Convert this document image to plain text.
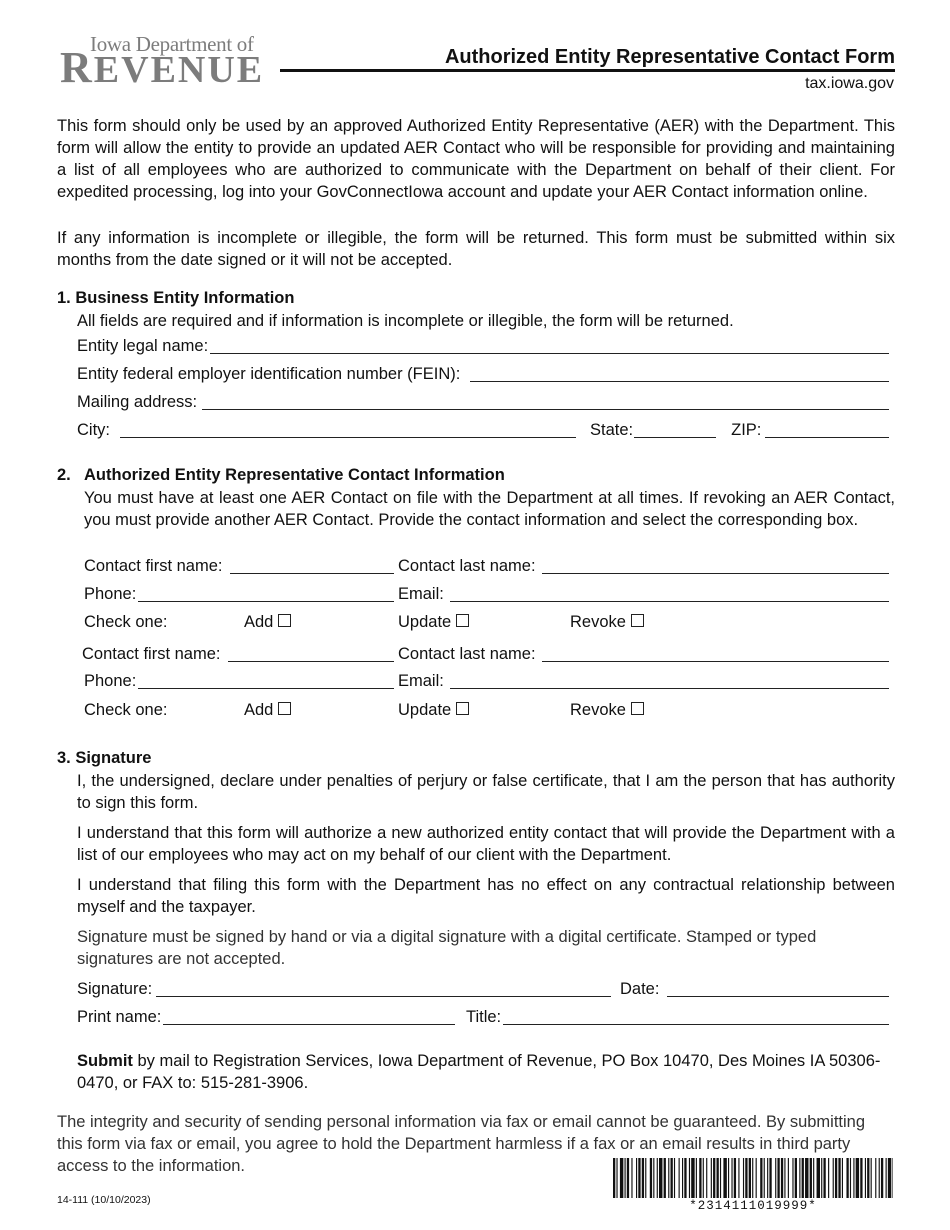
Iowa Department of
REVENUE	Authorized Entity Representative Contact Form
tax.iowa.gov
This form should only be used by an approved Authorized Entity Representative (AER) with the Department. This form will allow the entity to provide an updated AER Contact who will be responsible for providing and maintaining a list of all employees who are authorized to communicate with the Department on behalf of their client. For expedited processing, log into your GovConnectIowa account and update your AER Contact information online.
If any information is incomplete or illegible, the form will be returned. This form must be submitted within six months from the date signed or it will not be accepted.
1. Business Entity Information
All fields are required and if information is incomplete or illegible, the form will be returned.
Entity legal name:
Entity federal employer identification number (FEIN):
Mailing address:
City:	State:	ZIP:
2. Authorized Entity Representative Contact Information
You must have at least one AER Contact on file with the Department at all times. If revoking an AER Contact, you must provide another AER Contact. Provide the contact information and select the corresponding box.
Contact first name:	Contact last name:
Phone:	Email:
Check one:	Add	Update	Revoke
Contact first name:	Contact last name:
Phone:	Email:
Check one:	Add	Update	Revoke
3. Signature
I, the undersigned, declare under penalties of perjury or false certificate, that I am the person that has authority to sign this form.
I understand that this form will authorize a new authorized entity contact that will provide the Department with a list of our employees who may act on my behalf of our client with the Department.
I understand that filing this form with the Department has no effect on any contractual relationship between myself and the taxpayer.
Signature must be signed by hand or via a digital signature with a digital certificate. Stamped or typed signatures are not accepted.
Signature:	Date:
Print name:	Title:
Submit by mail to Registration Services, Iowa Department of Revenue, PO Box 10470, Des Moines IA 50306-0470, or FAX to: 515-281-3906.
The integrity and security of sending personal information via fax or email cannot be guaranteed. By submitting this form via fax or email, you agree to hold the Department harmless if a fax or an email results in third party access to the information.
14-111 (10/10/2023)	*2314111019999*
